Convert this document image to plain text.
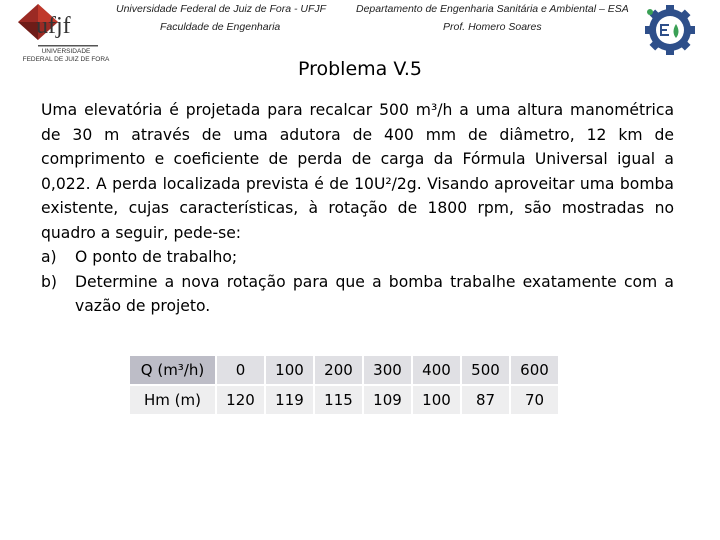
ufjf
UNIVERSIDADE
FEDERAL DE JUIZ DE FORA
Universidade Federal de Juiz de Fora - UFJF	Departamento de Engenharia Sanitária e Ambiental – ESA
Faculdade de Engenharia	Prof. Homero Soares
Problema V.5

Uma elevatória é projetada para recalcar 500 m³/h a uma altura manométrica de 30 m através de uma adutora de 400 mm de diâmetro, 12 km de comprimento e coeficiente de perda de carga da Fórmula Universal igual a 0,022. A perda localizada prevista é de 10U²/2g. Visando aproveitar uma bomba existente, cujas características, à rotação de 1800 rpm, são mostradas no quadro a seguir, pede-se:

a)	O ponto de trabalho;
b)	Determine a nova rotação para que a bomba trabalhe exatamente com a vazão de projeto.
Q (m³/h)	0	100	200	300	400	500	600
Hm (m)	120	119	115	109	100	87	70
